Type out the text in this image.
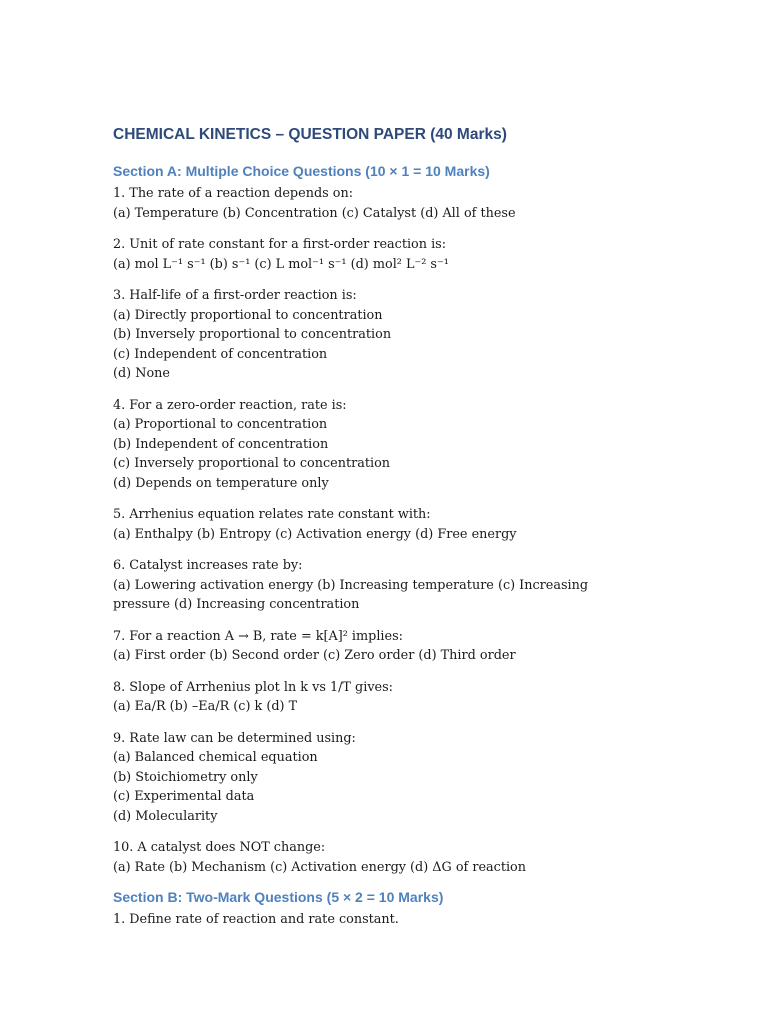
CHEMICAL KINETICS – QUESTION PAPER (40 Marks)
Section A: Multiple Choice Questions (10 × 1 = 10 Marks)
1. The rate of a reaction depends on:
(a) Temperature (b) Concentration (c) Catalyst (d) All of these
2. Unit of rate constant for a first-order reaction is:
(a) mol L⁻¹ s⁻¹ (b) s⁻¹ (c) L mol⁻¹ s⁻¹ (d) mol² L⁻² s⁻¹
3. Half-life of a first-order reaction is:
(a) Directly proportional to concentration
(b) Inversely proportional to concentration
(c) Independent of concentration
(d) None
4. For a zero-order reaction, rate is:
(a) Proportional to concentration
(b) Independent of concentration
(c) Inversely proportional to concentration
(d) Depends on temperature only
5. Arrhenius equation relates rate constant with:
(a) Enthalpy (b) Entropy (c) Activation energy (d) Free energy
6. Catalyst increases rate by:
(a) Lowering activation energy (b) Increasing temperature (c) Increasing pressure (d) Increasing concentration
7. For a reaction A → B, rate = k[A]² implies:
(a) First order (b) Second order (c) Zero order (d) Third order
8. Slope of Arrhenius plot ln k vs 1/T gives:
(a) Ea/R (b) –Ea/R (c) k (d) T
9. Rate law can be determined using:
(a) Balanced chemical equation
(b) Stoichiometry only
(c) Experimental data
(d) Molecularity
10. A catalyst does NOT change:
(a) Rate (b) Mechanism (c) Activation energy (d) ΔG of reaction
Section B: Two-Mark Questions (5 × 2 = 10 Marks)
1. Define rate of reaction and rate constant.
